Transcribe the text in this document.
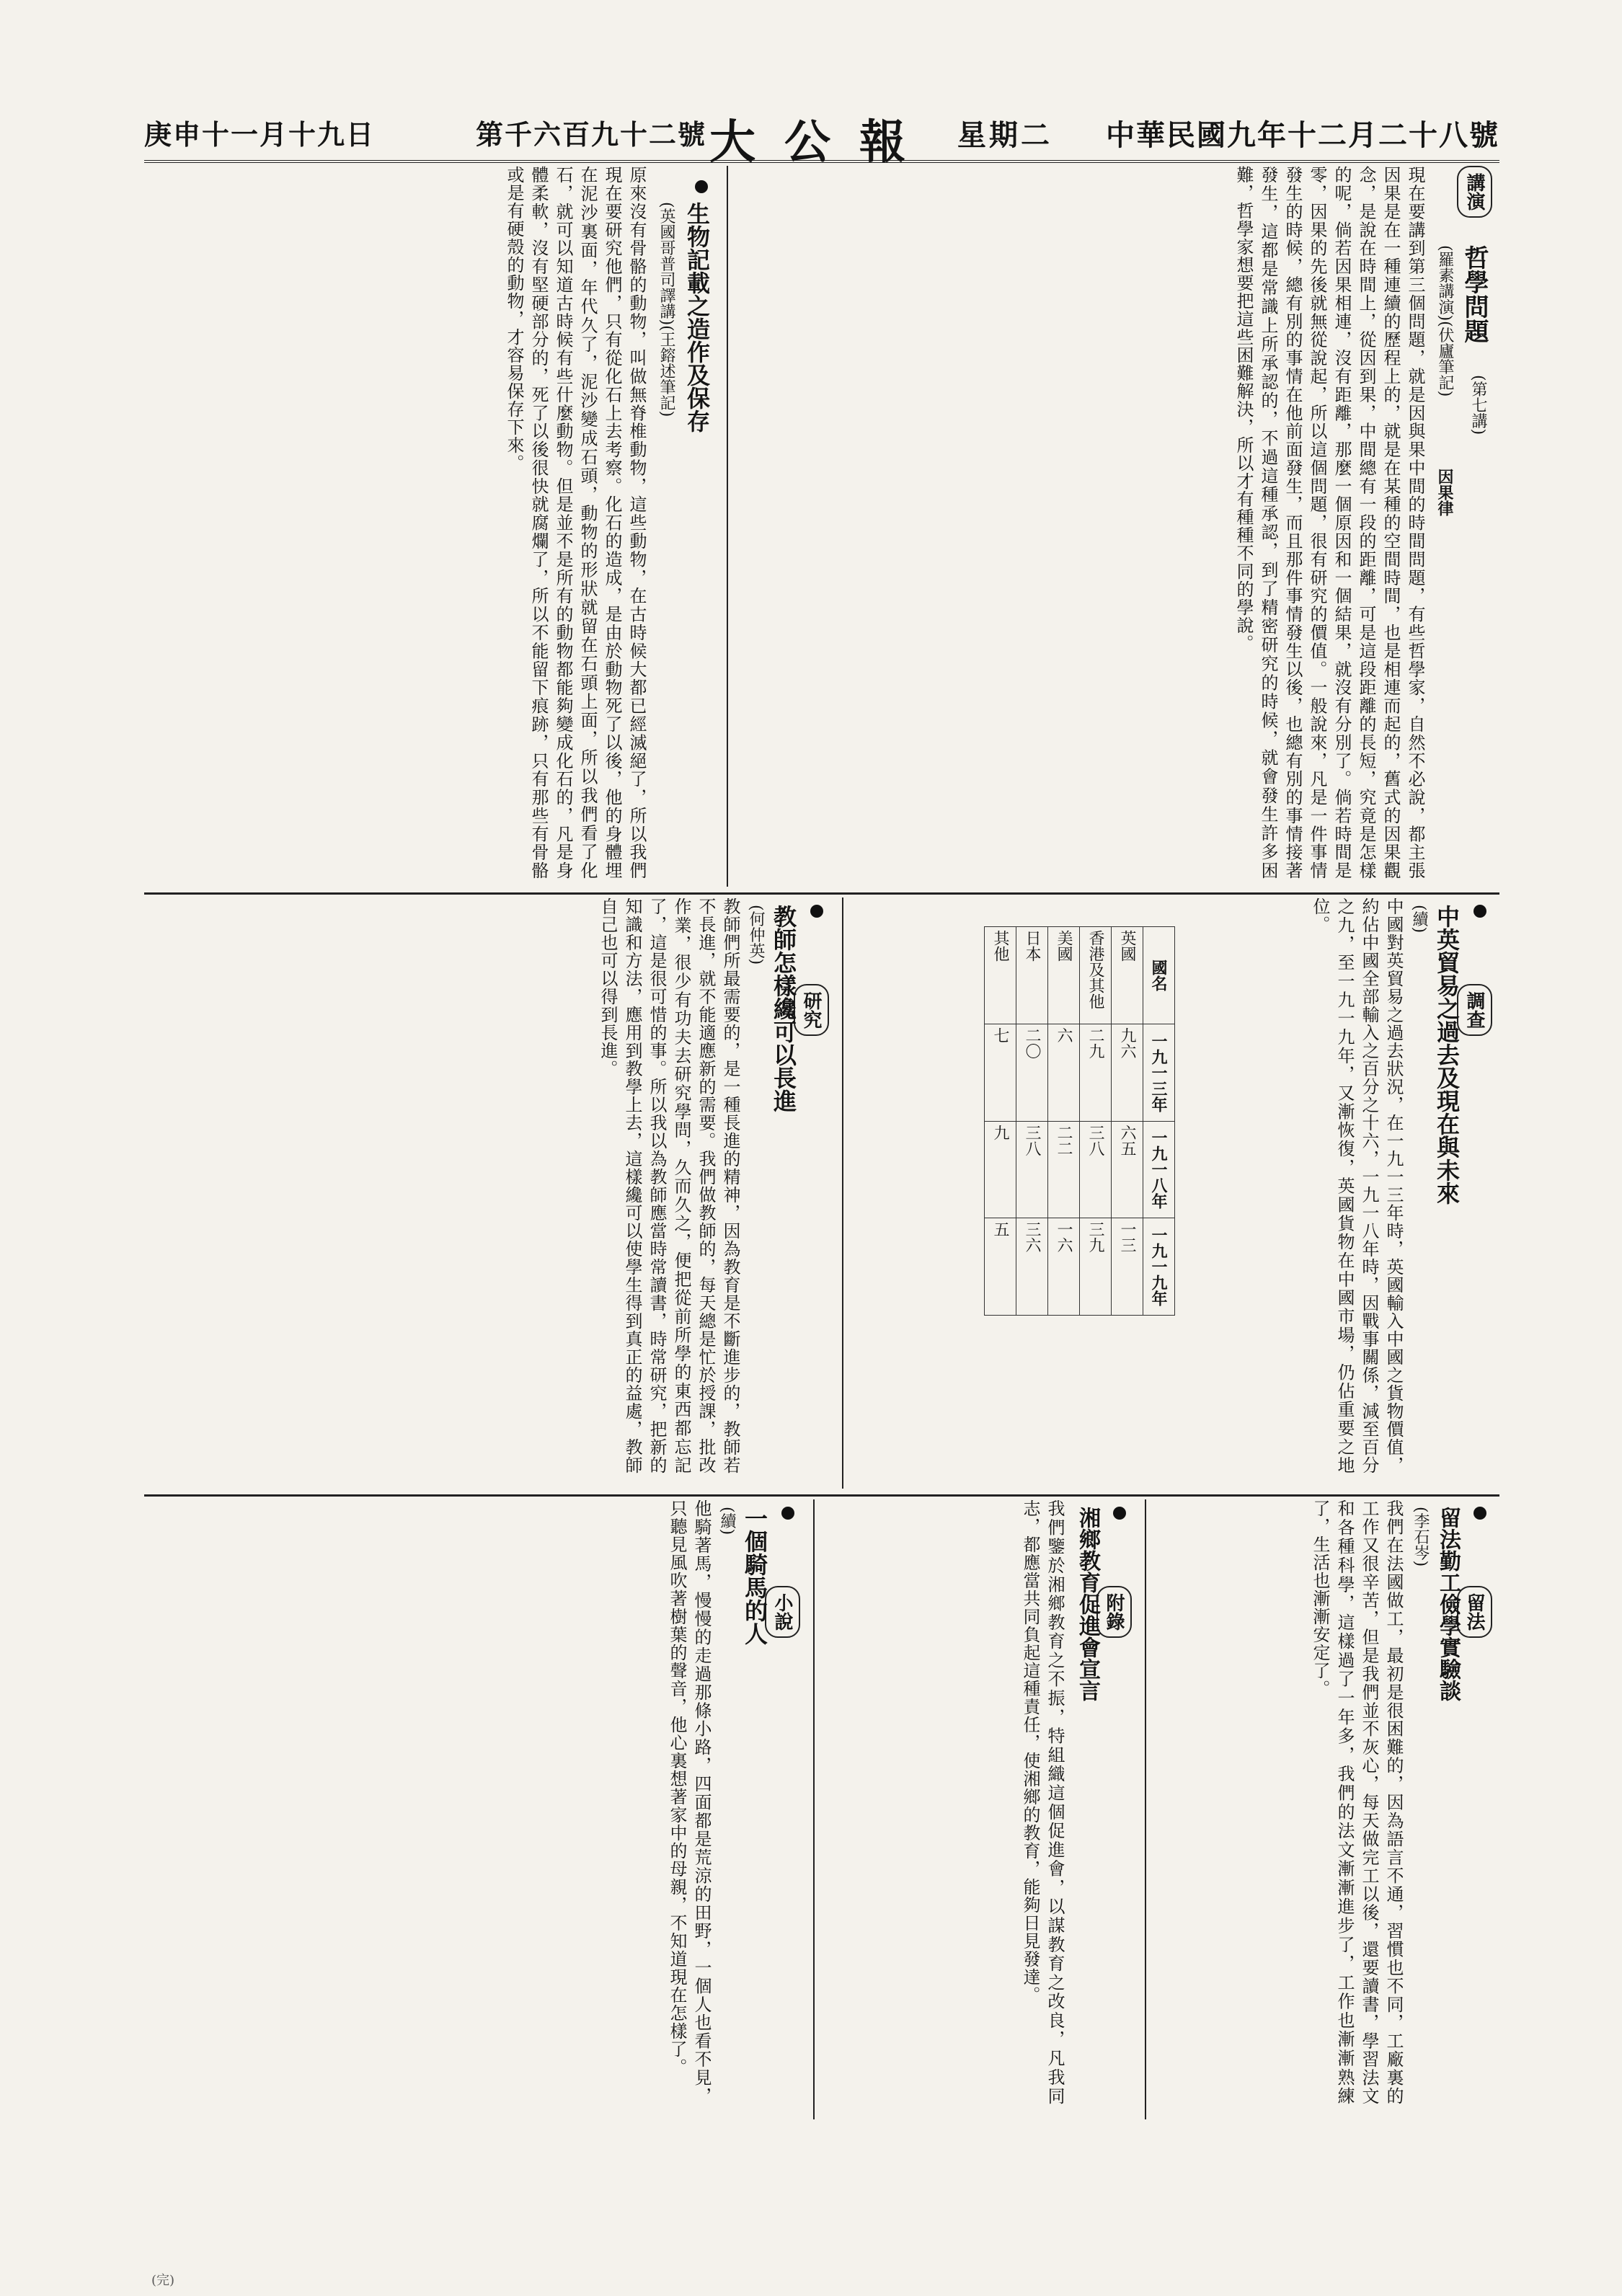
中華民國九年十二月二十八號
星期二
大公報
第千六百九十二號
庚申十一月十九日
講演
哲學問題
(第七講)
(羅素講演)(伏廬筆記)
因果律
現在要講到第三個問題，就是因與果中間的時間問題，有些哲學家，自然不必說，都主張因果是在一種連續的歷程上的，就是在某種的空間時間，也是相連而起的，舊式的因果觀念，是說在時間上，從因到果，中間總有一段的距離，可是這段距離的長短，究竟是怎樣的呢，倘若因果相連，沒有距離，那麼一個原因和一個結果，就沒有分別了。倘若時間是零，因果的先後就無從說起，所以這個問題，很有研究的價值。一般說來，凡是一件事情發生的時候，總有別的事情在他前面發生，而且那件事情發生以後，也總有別的事情接著發生，這都是常識上所承認的，不過這種承認，到了精密研究的時候，就會發生許多困難，哲學家想要把這些困難解決，所以才有種種不同的學說。
生物記載之造作及保存
(英國哥普司譯講)(王鎔述筆記)
原來沒有骨骼的動物，叫做無脊椎動物，這些動物，在古時候大都已經滅絕了，所以我們現在要研究他們，只有從化石上去考察。化石的造成，是由於動物死了以後，他的身體埋在泥沙裏面，年代久了，泥沙變成石頭，動物的形狀就留在石頭上面，所以我們看了化石，就可以知道古時候有些什麼動物。但是並不是所有的動物都能夠變成化石的，凡是身體柔軟，沒有堅硬部分的，死了以後很快就腐爛了，所以不能留下痕跡，只有那些有骨骼或是有硬殼的動物，才容易保存下來。
調查
中英貿易之過去及現在與未來
(續)
中國對英貿易之過去狀況，在一九一三年時，英國輸入中國之貨物價值，約佔中國全部輸入之百分之十六，一九一八年時，因戰事關係，減至百分之九，至一九一九年，又漸恢復，英國貨物在中國市場，仍佔重要之地位。
國名	一九一三年	一九一八年	一九一九年
英國	九六	六五	一三
香港及其他	二九	三八	三九
美國	六	二二	一六
日本	二〇	三八	三六
其他	七	九	五
研究
教師怎樣纔可以長進
(何仲英)
教師們所最需要的，是一種長進的精神，因為教育是不斷進步的，教師若不長進，就不能適應新的需要。我們做教師的，每天總是忙於授課，批改作業，很少有功夫去研究學問，久而久之，便把從前所學的東西都忘記了，這是很可惜的事。所以我以為教師應當時常讀書，時常研究，把新的知識和方法，應用到教學上去，這樣纔可以使學生得到真正的益處，教師自己也可以得到長進。
留法
留法勤工儉學實驗談
(李石岑)
我們在法國做工，最初是很困難的，因為語言不通，習慣也不同，工廠裏的工作又很辛苦，但是我們並不灰心，每天做完工以後，還要讀書，學習法文和各種科學，這樣過了一年多，我們的法文漸漸進步了，工作也漸漸熟練了，生活也漸漸安定了。
附錄
湘鄉教育促進會宣言
我們鑒於湘鄉教育之不振，特組織這個促進會，以謀教育之改良，凡我同志，都應當共同負起這種責任，使湘鄉的教育，能夠日見發達。
小說
一個騎馬的人
(續)
他騎著馬，慢慢的走過那條小路，四面都是荒涼的田野，一個人也看不見，只聽見風吹著樹葉的聲音，他心裏想著家中的母親，不知道現在怎樣了。
(完)
